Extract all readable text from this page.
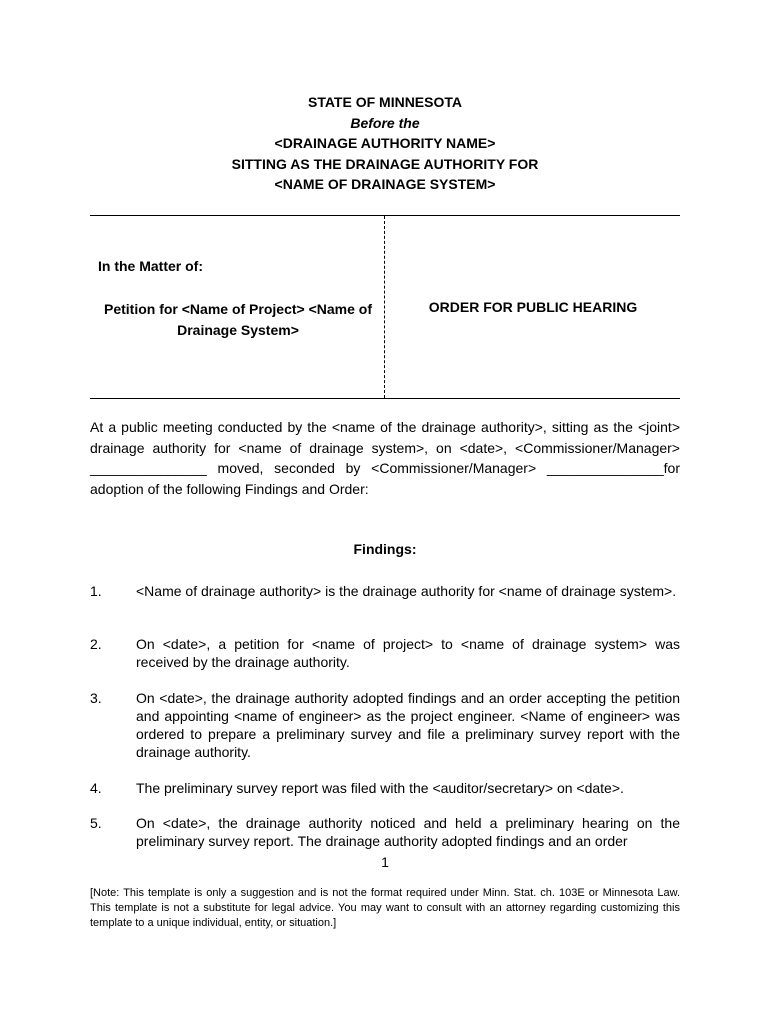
STATE OF MINNESOTA
Before the
<DRAINAGE AUTHORITY NAME>
SITTING AS THE DRAINAGE AUTHORITY FOR
<NAME OF DRAINAGE SYSTEM>
In the Matter of:
Petition for <Name of Project> <Name of Drainage System>
ORDER FOR PUBLIC HEARING
At a public meeting conducted by the <name of the drainage authority>, sitting as the <joint> drainage authority for <name of drainage system>, on <date>, <Commissioner/Manager> _______________ moved, seconded by <Commissioner/Manager> _______________for adoption of the following Findings and Order:
Findings:
1. <Name of drainage authority> is the drainage authority for <name of drainage system>.
2. On <date>, a petition for <name of project> to <name of drainage system> was received by the drainage authority.
3. On <date>, the drainage authority adopted findings and an order accepting the petition and appointing <name of engineer> as the project engineer. <Name of engineer> was ordered to prepare a preliminary survey and file a preliminary survey report with the drainage authority.
4. The preliminary survey report was filed with the <auditor/secretary> on <date>.
5. On <date>, the drainage authority noticed and held a preliminary hearing on the preliminary survey report. The drainage authority adopted findings and an order
1
[Note: This template is only a suggestion and is not the format required under Minn. Stat. ch. 103E or Minnesota Law. This template is not a substitute for legal advice. You may want to consult with an attorney regarding customizing this template to a unique individual, entity, or situation.]
